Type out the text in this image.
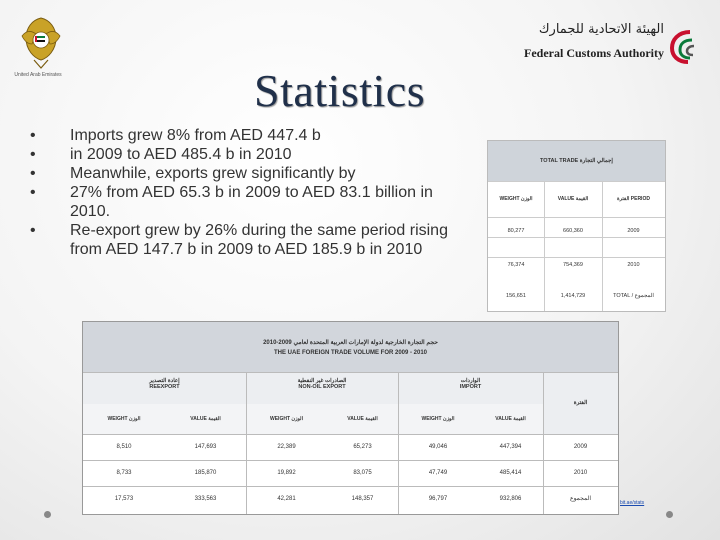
United Arab Emirates
الهيئة الاتحادية للجمارك
Federal Customs Authority
Statistics
• Imports grew 8% from AED 447.4 b
• in 2009 to AED 485.4 b in 2010
• Meanwhile, exports grew significantly by
• 27% from AED 65.3 b in 2009 to AED 83.1 billion in 2010.
• Re-export grew by 26% during the same period rising from AED 147.7 b in 2009 to AED 185.9 b in 2010
TOTAL TRADE إجمالي التجارة
WEIGHT الوزن	VALUE القيمة	الفترة PERIOD
80,277	660,360	2009
76,374	754,369	2010
156,651	1,414,729	TOTAL / المجموع
حجم التجارة الخارجية لدولة الإمارات العربية المتحدة لعامي 2009-2010
THE UAE FOREIGN TRADE VOLUME FOR 2009 - 2010
إعادة التصدير
REEXPORT
الصادرات غير النفطية
NON-OIL EXPORT
الواردات
IMPORT
الفترة
WEIGHT الوزن	VALUE القيمة	WEIGHT الوزن	VALUE القيمة	WEIGHT الوزن	VALUE القيمة
8,510	147,693	22,389	65,273	49,046	447,394	2009
8,733	185,870	19,892	83,075	47,749	485,414	2010
17,573	333,563	42,281	148,357	96,797	932,806	المجموع
bit.ae/stats
